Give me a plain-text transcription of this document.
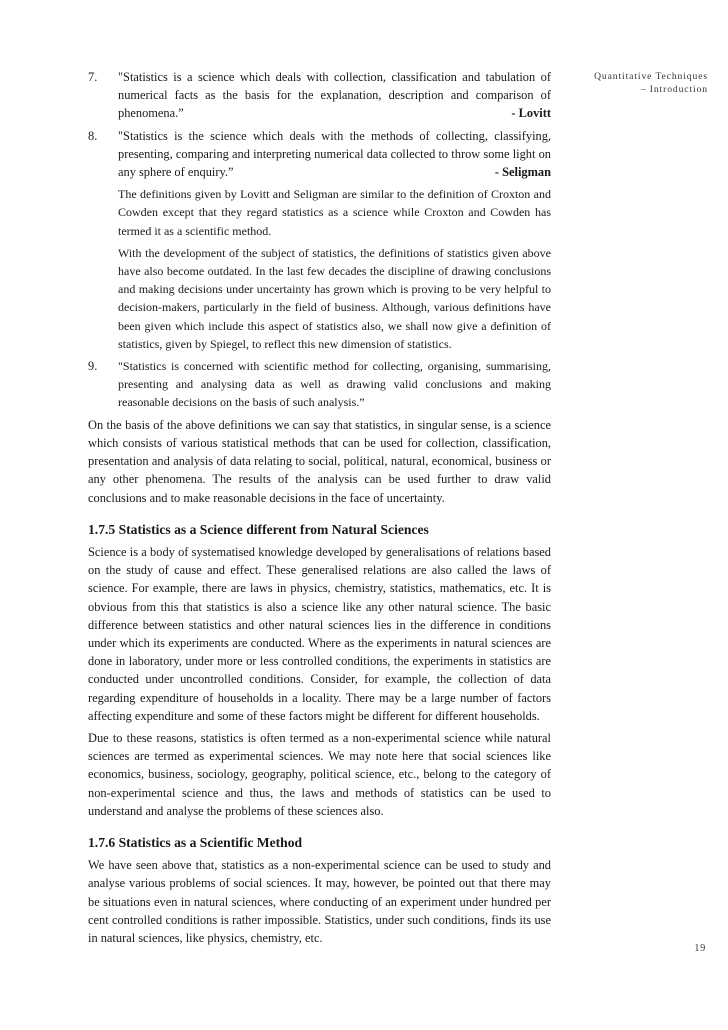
7.	"Statistics is a science which deals with collection, classification and tabulation of numerical facts as the basis for the explanation, description and comparison of phenomena.”	- Lovitt
8.	"Statistics is the science which deals with the methods of collecting, classifying, presenting, comparing and interpreting numerical data collected to throw some light on any sphere of enquiry.”	- Seligman

The definitions given by Lovitt and Seligman are similar to the definition of Croxton and Cowden except that they regard statistics as a science while Croxton and Cowden has termed it as a scientific method.

With the development of the subject of statistics, the definitions of statistics given above have also become outdated. In the last few decades the discipline of drawing conclusions and making decisions under uncertainty has grown which is proving to be very helpful to decision-makers, particularly in the field of business. Although, various definitions have been given which include this aspect of statistics also, we shall now give a definition of statistics, given by Spiegel, to reflect this new dimension of statistics.

9.	"Statistics is concerned with scientific method for collecting, organising, summarising, presenting and analysing data as well as drawing valid conclusions and making reasonable decisions on the basis of such analysis.”

On the basis of the above definitions we can say that statistics, in singular sense, is a science which consists of various statistical methods that can be used for collection, classification, presentation and analysis of data relating to social, political, natural, economical, business or any other phenomena. The results of the analysis can be used further to draw valid conclusions and to make reasonable decisions in the face of uncertainty.

1.7.5 Statistics as a Science different from Natural Sciences

Science is a body of systematised knowledge developed by generalisations of relations based on the study of cause and effect. These generalised relations are also called the laws of science. For example, there are laws in physics, chemistry, statistics, mathematics, etc. It is obvious from this that statistics is also a science like any other natural science. The basic difference between statistics and other natural sciences lies in the difference in conditions under which its experiments are conducted. Where as the experiments in natural sciences are done in laboratory, under more or less controlled conditions, the experiments in statistics are conducted under uncontrolled conditions. Consider, for example, the collection of data regarding expenditure of households in a locality. There may be a large number of factors affecting expenditure and some of these factors might be different for different households.

Due to these reasons, statistics is often termed as a non-experimental science while natural sciences are termed as experimental sciences. We may note here that social sciences like economics, business, sociology, geography, political science, etc., belong to the category of non-experimental science and thus, the laws and methods of statistics can be used to understand and analyse the problems of these sciences also.

1.7.6 Statistics as a Scientific Method

We have seen above that, statistics as a non-experimental science can be used to study and analyse various problems of social sciences. It may, however, be pointed out that there may be situations even in natural sciences, where conducting of an experiment under hundred per cent controlled conditions is rather impossible. Statistics, under such conditions, finds its use in natural sciences, like physics, chemistry, etc.

Quantitative Techniques – Introduction
19
